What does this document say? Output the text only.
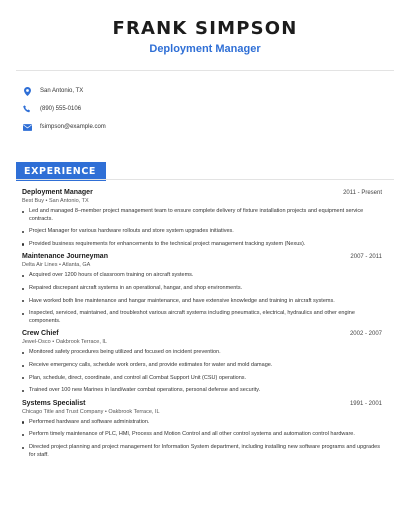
FRANK SIMPSON
Deployment Manager
San Antonio, TX
(890) 555-0106
fsimpson@example.com
EXPERIENCE
Deployment Manager	2011 - Present
Best Buy • San Antonio, TX
Led and managed 8–member project management team to ensure complete delivery of fixture installation projects and equipment service contracts.
Project Manager for various hardware rollouts and store system upgrades initiatives.
Provided business requirements for enhancements to the technical project management tracking system (Nexus).
Maintenance Journeyman	2007 - 2011
Delta Air Lines • Atlanta, GA
Acquired over 1200 hours of classroom training on aircraft systems.
Repaired discrepant aircraft systems in an operational, hangar, and shop environments.
Have worked both line maintenance and hangar maintenance, and have extensive knowledge and training in aircraft systems.
Inspected, serviced, maintained, and troubleshot various aircraft systems including pneumatics, electrical, hydraulics and other engine components.
Crew Chief	2002 - 2007
Jewel-Osco • Oakbrook Terrace, IL
Monitored safety procedures being utilized and focused on incident prevention.
Receive emergency calls, schedule work orders, and provide estimates for water and mold damage.
Plan, schedule, direct, coordinate, and control all Combat Support Unit (CSU) operations.
Trained over 100 new Marines in land/water combat operations, personal defense and security.
Systems Specialist	1991 - 2001
Chicago Title and Trust Company • Oakbrook Terrace, IL
Performed hardware and software administration.
Perform timely maintenance of PLC, HMI, Process and Motion Control and all other control systems and automation control hardware.
Directed project planning and project management for Information System department, including installing new software programs and upgrades for staff.
